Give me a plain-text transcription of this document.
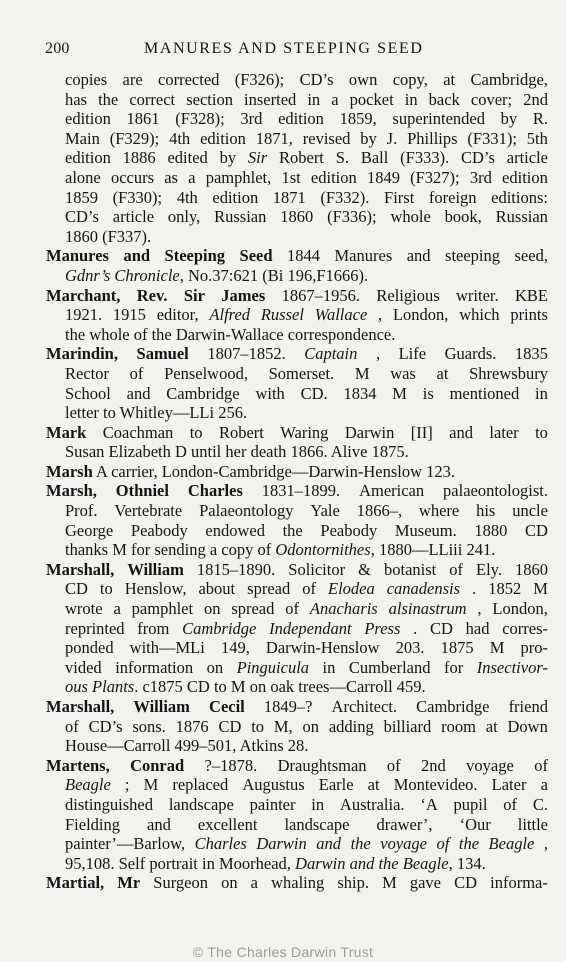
200	MANURES AND STEEPING SEED
copies are corrected (F326); CD’s own copy, at Cambridge,
has the correct section inserted in a pocket in back cover; 2nd
edition 1861 (F328); 3rd edition 1859, superintended by R.
Main (F329); 4th edition 1871, revised by J. Phillips (F331); 5th
edition 1886 edited by Sir Robert S. Ball (F333). CD’s article
alone occurs as a pamphlet, 1st edition 1849 (F327); 3rd edition
1859 (F330); 4th edition 1871 (F332). First foreign editions:
CD’s article only, Russian 1860 (F336); whole book, Russian
1860 (F337).
Manures and Steeping Seed 1844 Manures and steeping seed,
Gdnr’s Chronicle, No.37:621 (Bi 196,F1666).
Marchant, Rev. Sir James 1867–1956. Religious writer. KBE
1921. 1915 editor, Alfred Russel Wallace , London, which prints
the whole of the Darwin-Wallace correspondence.
Marindin, Samuel 1807–1852. Captain , Life Guards. 1835
Rector of Penselwood, Somerset. M was at Shrewsbury
School and Cambridge with CD. 1834 M is mentioned in
letter to Whitley—LLi 256.
Mark Coachman to Robert Waring Darwin [II] and later to
Susan Elizabeth D until her death 1866. Alive 1875.
Marsh A carrier, London-Cambridge—Darwin-Henslow 123.
Marsh, Othniel Charles 1831–1899. American palaeontologist.
Prof. Vertebrate Palaeontology Yale 1866–, where his uncle
George Peabody endowed the Peabody Museum. 1880 CD
thanks M for sending a copy of Odontornithes, 1880—LLiii 241.
Marshall, William 1815–1890. Solicitor & botanist of Ely. 1860
CD to Henslow, about spread of Elodea canadensis . 1852 M
wrote a pamphlet on spread of Anacharis alsinastrum , London,
reprinted from Cambridge Independant Press . CD had corres-
ponded with—MLi 149, Darwin-Henslow 203. 1875 M pro-
vided information on Pinguicula in Cumberland for Insectivor-
ous Plants. c1875 CD to M on oak trees—Carroll 459.
Marshall, William Cecil 1849–? Architect. Cambridge friend
of CD’s sons. 1876 CD to M, on adding billiard room at Down
House—Carroll 499–501, Atkins 28.
Martens, Conrad ?–1878. Draughtsman of 2nd voyage of
Beagle ; M replaced Augustus Earle at Montevideo. Later a
distinguished landscape painter in Australia. ‘A pupil of C.
Fielding and excellent landscape drawer’, ‘Our little
painter’—Barlow, Charles Darwin and the voyage of the Beagle ,
95,108. Self portrait in Moorhead, Darwin and the Beagle, 134.
Martial, Mr Surgeon on a whaling ship. M gave CD informa-
© The Charles Darwin Trust
